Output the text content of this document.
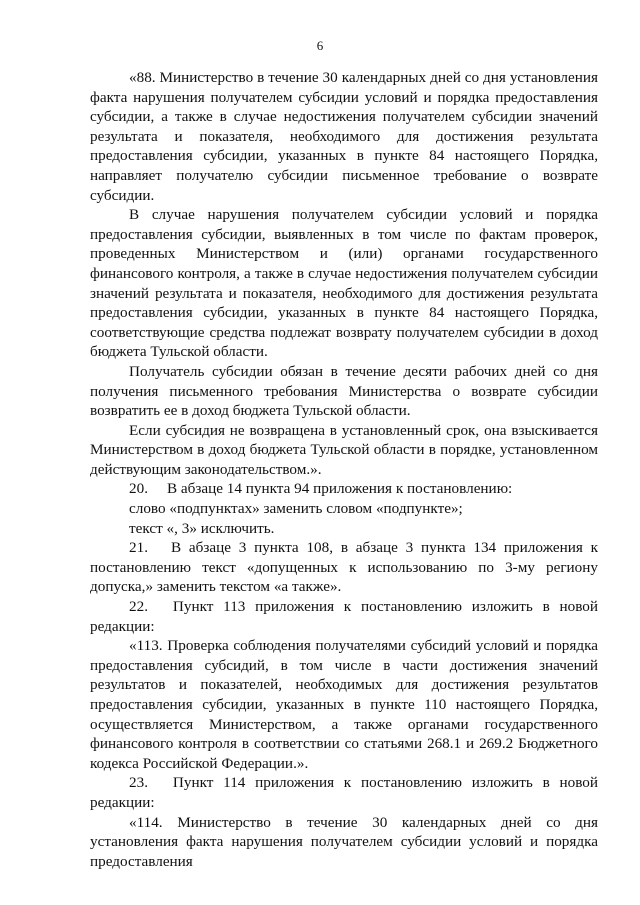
6

«88. Министерство в течение 30 календарных дней со дня установления факта нарушения получателем субсидии условий и порядка предоставления субсидии, а также в случае недостижения получателем субсидии значений результата и показателя, необходимого для достижения результата предоставления субсидии, указанных в пункте 84 настоящего Порядка, направляет получателю субсидии письменное требование о возврате субсидии.

В случае нарушения получателем субсидии условий и порядка предоставления субсидии, выявленных в том числе по фактам проверок, проведенных Министерством и (или) органами государственного финансового контроля, а также в случае недостижения получателем субсидии значений результата и показателя, необходимого для достижения результата предоставления субсидии, указанных в пункте 84 настоящего Порядка, соответствующие средства подлежат возврату получателем субсидии в доход бюджета Тульской области.

Получатель субсидии обязан в течение десяти рабочих дней со дня получения письменного требования Министерства о возврате субсидии возвратить ее в доход бюджета Тульской области.

Если субсидия не возвращена в установленный срок, она взыскивается Министерством в доход бюджета Тульской области в порядке, установленном действующим законодательством.».

20.  В абзаце 14 пункта 94 приложения к постановлению:

слово «подпунктах» заменить словом «подпункте»;

текст «, 3» исключить.

21.  В абзаце 3 пункта 108, в абзаце 3 пункта 134 приложения к постановлению текст «допущенных к использованию по 3-му региону допуска,» заменить текстом «а также».

22.  Пункт 113 приложения к постановлению изложить в новой редакции:

«113. Проверка соблюдения получателями субсидий условий и порядка предоставления субсидий, в том числе в части достижения значений результатов и показателей, необходимых для достижения результатов предоставления субсидии, указанных в пункте 110 настоящего Порядка, осуществляется Министерством, а также органами государственного финансового контроля в соответствии со статьями 268.1 и 269.2 Бюджетного кодекса Российской Федерации.».

23.  Пункт 114 приложения к постановлению изложить в новой редакции:

«114. Министерство в течение 30 календарных дней со дня установления факта нарушения получателем субсидии условий и порядка предоставления
